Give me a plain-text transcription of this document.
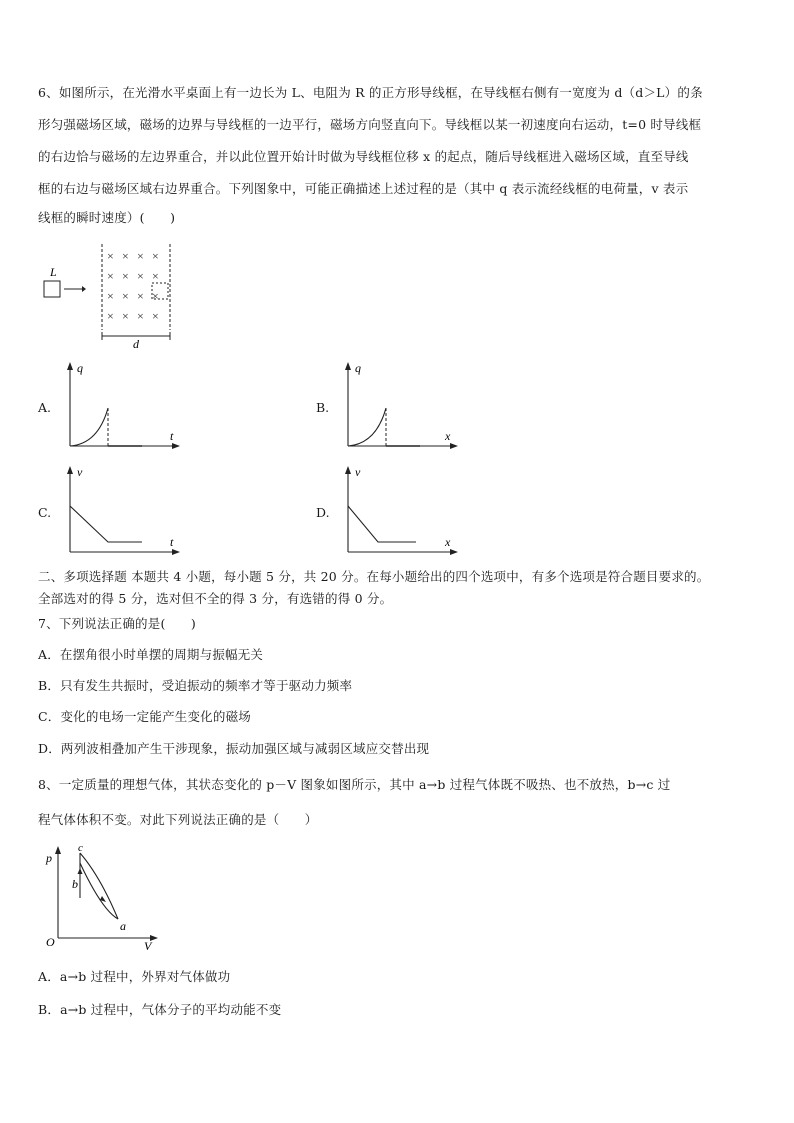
6、如图所示，在光滑水平桌面上有一边长为 L、电阻为 R 的正方形导线框，在导线框右侧有一宽度为 d（d＞L）的条
形匀强磁场区域，磁场的边界与导线框的一边平行，磁场方向竖直向下。导线框以某一初速度向右运动，t=0 时导线框
的右边恰与磁场的左边界重合，并以此位置开始计时做为导线框位移 x 的起点，随后导线框进入磁场区域，直至导线
框的右边与磁场区域右边界重合。下列图象中，可能正确描述上述过程的是（其中 q 表示流经线框的电荷量，v 表示
线框的瞬时速度）(　　)
L
× × × ×
× × × ×
× × × ×
× × × ×
d
A.
q
t
B.
q
x
C.
v
t
D.
v
x
二、多项选择题 本题共 4 小题，每小题 5 分，共 20 分。在每小题给出的四个选项中，有多个选项是符合题目要求的。
全部选对的得 5 分，选对但不全的得 3 分，有选错的得 0 分。
7、下列说法正确的是(　　)
A．在摆角很小时单摆的周期与振幅无关
B．只有发生共振时，受迫振动的频率才等于驱动力频率
C．变化的电场一定能产生变化的磁场
D．两列波相叠加产生干涉现象，振动加强区域与减弱区域应交替出现
8、一定质量的理想气体，其状态变化的 p－V 图象如图所示，其中 a→b 过程气体既不吸热、也不放热，b→c 过
程气体体积不变。对此下列说法正确的是（　　）
p
V
O
a
b
c
A．a→b 过程中，外界对气体做功
B．a→b 过程中，气体分子的平均动能不变
